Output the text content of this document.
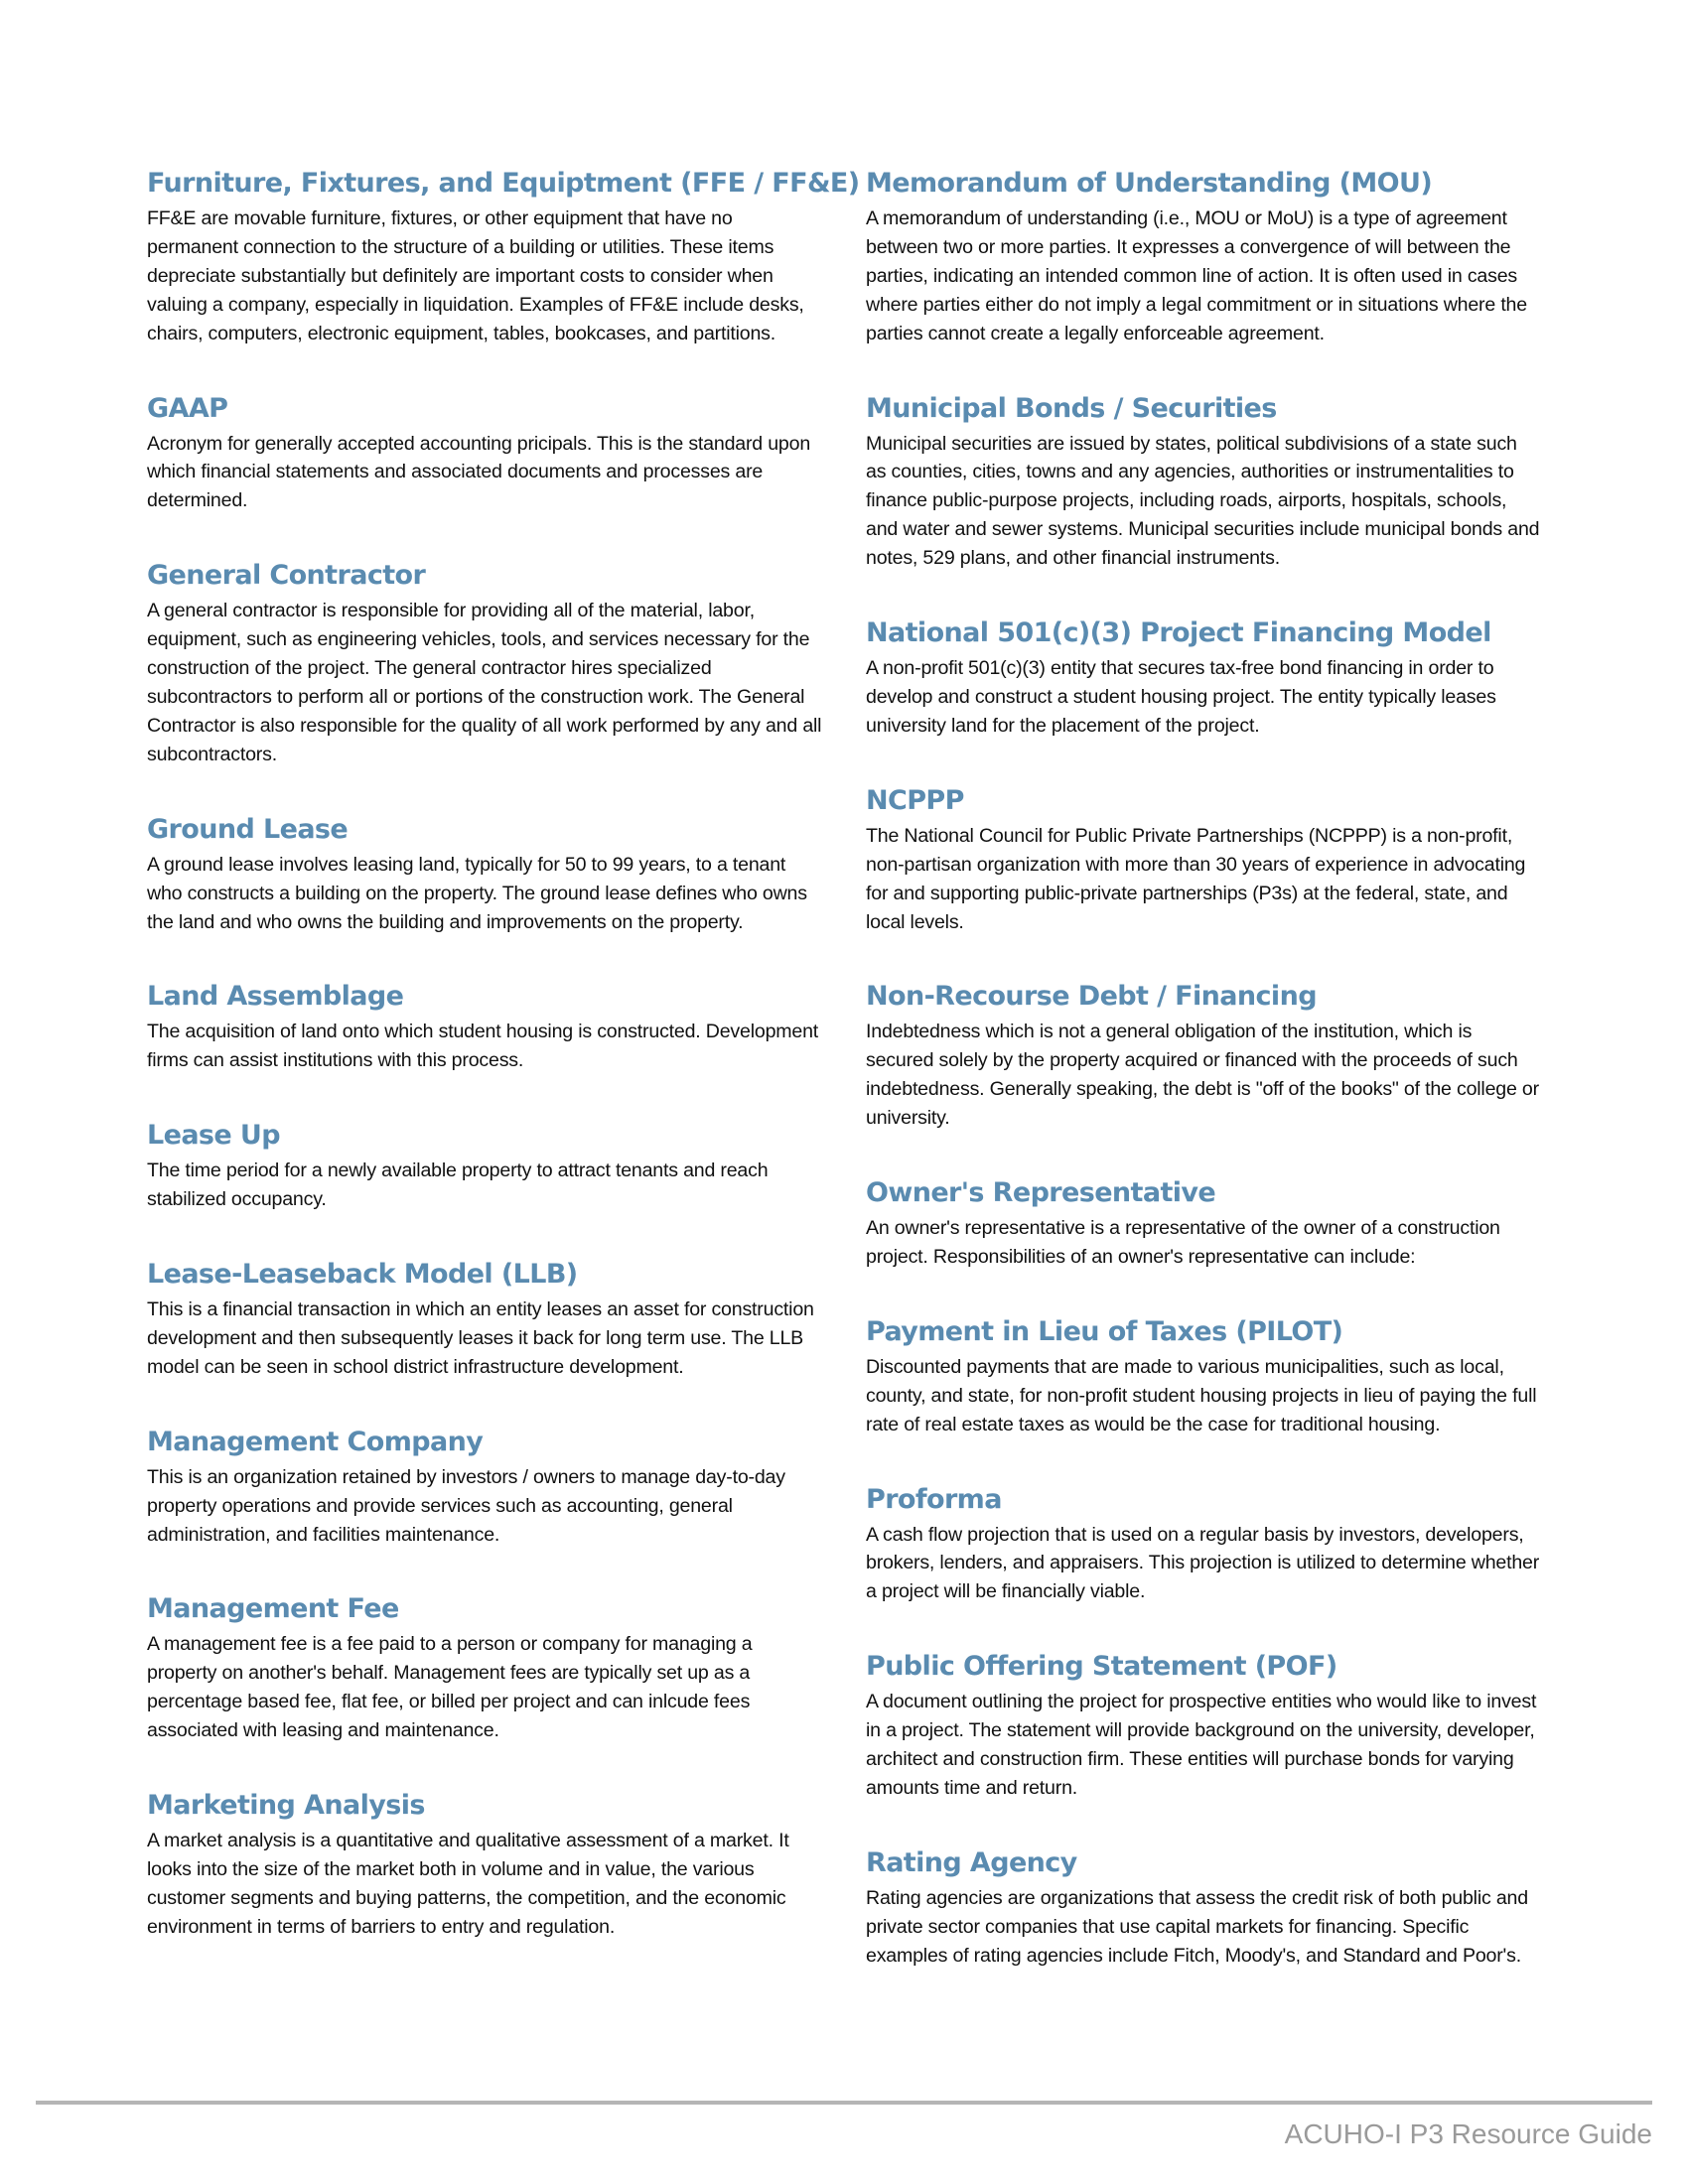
Furniture, Fixtures, and Equiptment (FFE / FF&E)

FF&E are movable furniture, fixtures, or other equipment that have no permanent connection to the structure of a building or utilities. These items depreciate substantially but definitely are important costs to consider when valuing a company, especially in liquidation. Examples of FF&E include desks, chairs, computers, electronic equipment, tables, bookcases, and partitions.

GAAP

Acronym for generally accepted accounting pricipals. This is the standard upon which financial statements and associated documents and processes are determined.

General Contractor

A general contractor is responsible for providing all of the material, labor, equipment, such as engineering vehicles, tools, and services necessary for the construction of the project. The general contractor hires specialized subcontractors to perform all or portions of the construction work. The General Contractor is also responsible for the quality of all work performed by any and all subcontractors.

Ground Lease

A ground lease involves leasing land, typically for 50 to 99 years, to a tenant who constructs a building on the property. The ground lease defines who owns the land and who owns the building and improvements on the property.

Land Assemblage

The acquisition of land onto which student housing is constructed. Development firms can assist institutions with this process.

Lease Up

The time period for a newly available property to attract tenants and reach stabilized occupancy.

Lease-Leaseback Model (LLB)

This is a financial transaction in which an entity leases an asset for construction development and then subsequently leases it back for long term use. The LLB model can be seen in school district infrastructure development.

Management Company

This is an organization retained by investors / owners to manage day-to-day property operations and provide services such as accounting, general administration, and facilities maintenance.

Management Fee

A management fee is a fee paid to a person or company for managing a property on another's behalf. Management fees are typically set up as a percentage based fee, flat fee, or billed per project and can inlcude fees associated with leasing and maintenance.

Marketing Analysis

A market analysis is a quantitative and qualitative assessment of a market. It looks into the size of the market both in volume and in value, the various customer segments and buying patterns, the competition, and the economic environment in terms of barriers to entry and regulation.

Memorandum of Understanding (MOU)

A memorandum of understanding (i.e., MOU or MoU) is a type of agreement between two or more parties. It expresses a convergence of will between the parties, indicating an intended common line of action. It is often used in cases where parties either do not imply a legal commitment or in situations where the parties cannot create a legally enforceable agreement.

Municipal Bonds / Securities

Municipal securities are issued by states, political subdivisions of a state such as counties, cities, towns and any agencies, authorities or instrumentalities to finance public-purpose projects, including roads, airports, hospitals, schools, and water and sewer systems. Municipal securities include municipal bonds and notes, 529 plans, and other financial instruments.

National 501(c)(3) Project Financing Model

A non-profit 501(c)(3) entity that secures tax-free bond financing in order to develop and construct a student housing project. The entity typically leases university land for the placement of the project.

NCPPP

The National Council for Public Private Partnerships (NCPPP) is a non-profit, non-partisan organization with more than 30 years of experience in advocating for and supporting public-private partnerships (P3s) at the federal, state, and local levels.

Non-Recourse Debt / Financing

Indebtedness which is not a general obligation of the institution, which is secured solely by the property acquired or financed with the proceeds of such indebtedness. Generally speaking, the debt is "off of the books" of the college or university.

Owner's Representative

An owner's representative is a representative of the owner of a construction project. Responsibilities of an owner's representative can include:

Payment in Lieu of Taxes (PILOT)

Discounted payments that are made to various municipalities, such as local, county, and state, for non-profit student housing projects in lieu of paying the full rate of real estate taxes as would be the case for traditional housing.

Proforma

A cash flow projection that is used on a regular basis by investors, developers, brokers, lenders, and appraisers. This projection is utilized to determine whether a project will be financially viable.

Public Offering Statement (POF)

A document outlining the project for prospective entities who would like to invest in a project. The statement will provide background on the university, developer, architect and construction firm. These entities will purchase bonds for varying amounts time and return.

Rating Agency

Rating agencies are organizations that assess the credit risk of both public and private sector companies that use capital markets for financing. Specific examples of rating agencies include Fitch, Moody's, and Standard and Poor's.

ACUHO-I P3 Resource Guide
